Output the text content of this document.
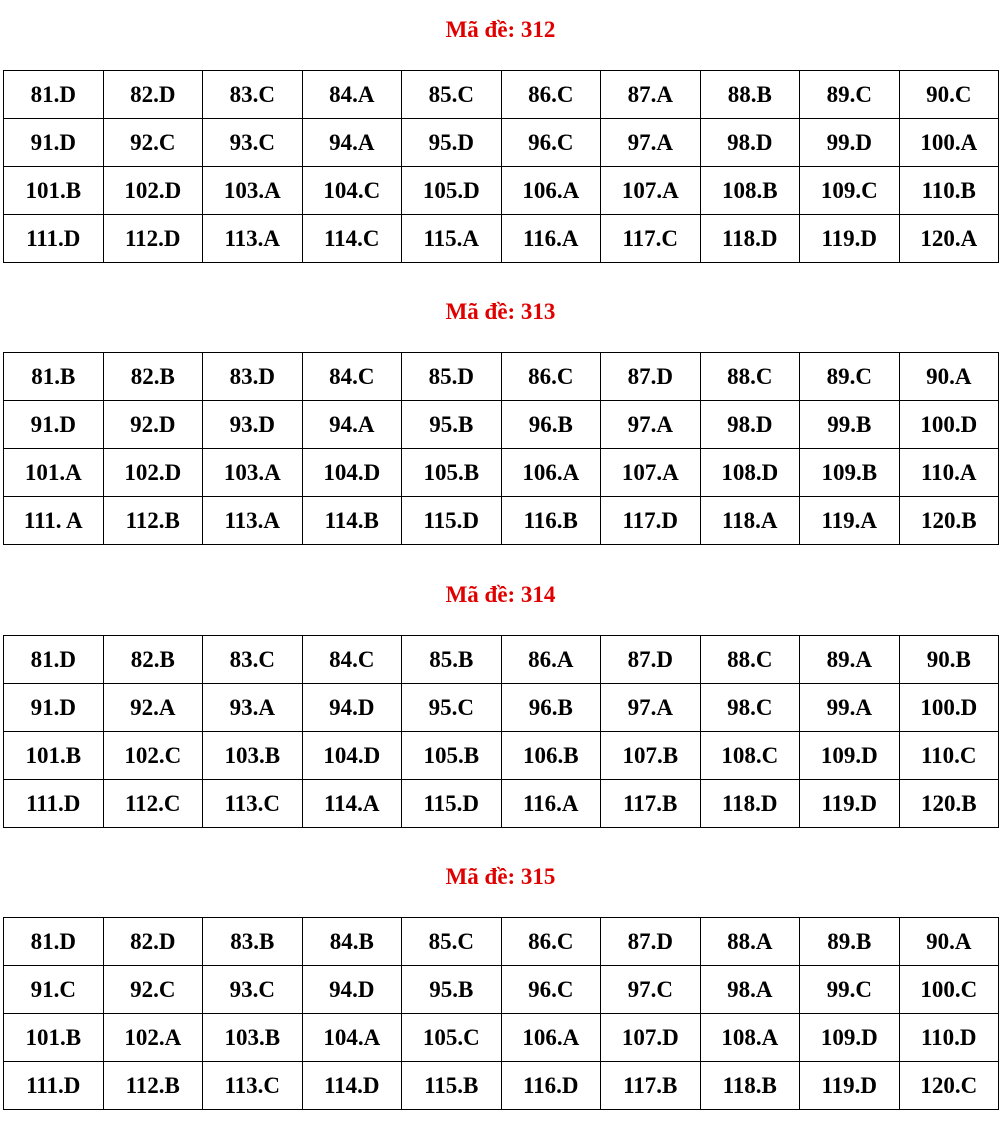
Mã đề: 312
81.D	82.D	83.C	84.A	85.C	86.C	87.A	88.B	89.C	90.C
91.D	92.C	93.C	94.A	95.D	96.C	97.A	98.D	99.D	100.A
101.B	102.D	103.A	104.C	105.D	106.A	107.A	108.B	109.C	110.B
111.D	112.D	113.A	114.C	115.A	116.A	117.C	118.D	119.D	120.A
Mã đề: 313
81.B	82.B	83.D	84.C	85.D	86.C	87.D	88.C	89.C	90.A
91.D	92.D	93.D	94.A	95.B	96.B	97.A	98.D	99.B	100.D
101.A	102.D	103.A	104.D	105.B	106.A	107.A	108.D	109.B	110.A
111. A	112.B	113.A	114.B	115.D	116.B	117.D	118.A	119.A	120.B
Mã đề: 314
81.D	82.B	83.C	84.C	85.B	86.A	87.D	88.C	89.A	90.B
91.D	92.A	93.A	94.D	95.C	96.B	97.A	98.C	99.A	100.D
101.B	102.C	103.B	104.D	105.B	106.B	107.B	108.C	109.D	110.C
111.D	112.C	113.C	114.A	115.D	116.A	117.B	118.D	119.D	120.B
Mã đề: 315
81.D	82.D	83.B	84.B	85.C	86.C	87.D	88.A	89.B	90.A
91.C	92.C	93.C	94.D	95.B	96.C	97.C	98.A	99.C	100.C
101.B	102.A	103.B	104.A	105.C	106.A	107.D	108.A	109.D	110.D
111.D	112.B	113.C	114.D	115.B	116.D	117.B	118.B	119.D	120.C
